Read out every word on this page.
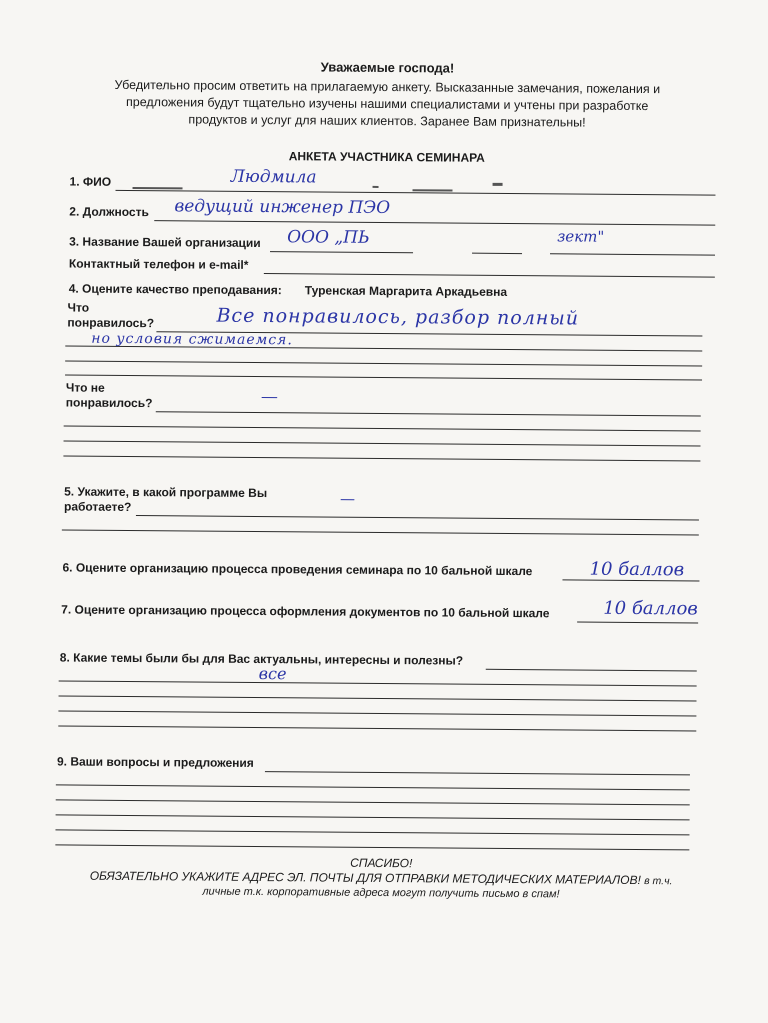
Уважаемые господа!
Убедительно просим ответить на прилагаемую анкету. Высказанные замечания, пожелания и
предложения будут тщательно изучены нашими специалистами и учтены при разработке
продуктов и услуг для наших клиентов. Заранее Вам признательны!
АНКЕТА УЧАСТНИКА СЕМИНАРА
1. ФИО	Людмила
2. Должность ведущий инженер ПЭО
3. Название Вашей организации ООО „ПЬ	зект"
Контактный телефон и e-mail*
4. Оцените качество преподавания: Туренская Маргарита Аркадьевна
Что
понравилось?	Все понравилось, разбор полный
но условия сжимаемся.
Что не
понравилось?	—
5. Укажите, в какой программе Вы
работаете?	—
6. Оцените организацию процесса проведения семинара по 10 бальной шкале	10 баллов
7. Оцените организацию процесса оформления документов по 10 бальной шкале	10 баллов
8. Какие темы были бы для Вас актуальны, интересны и полезны?
все
9. Ваши вопросы и предложения
СПАСИБО!
ОБЯЗАТЕЛЬНО УКАЖИТЕ АДРЕС ЭЛ. ПОЧТЫ ДЛЯ ОТПРАВКИ МЕТОДИЧЕСКИХ МАТЕРИАЛОВ! в т.ч.
личные т.к. корпоративные адреса могут получить письмо в спам!
